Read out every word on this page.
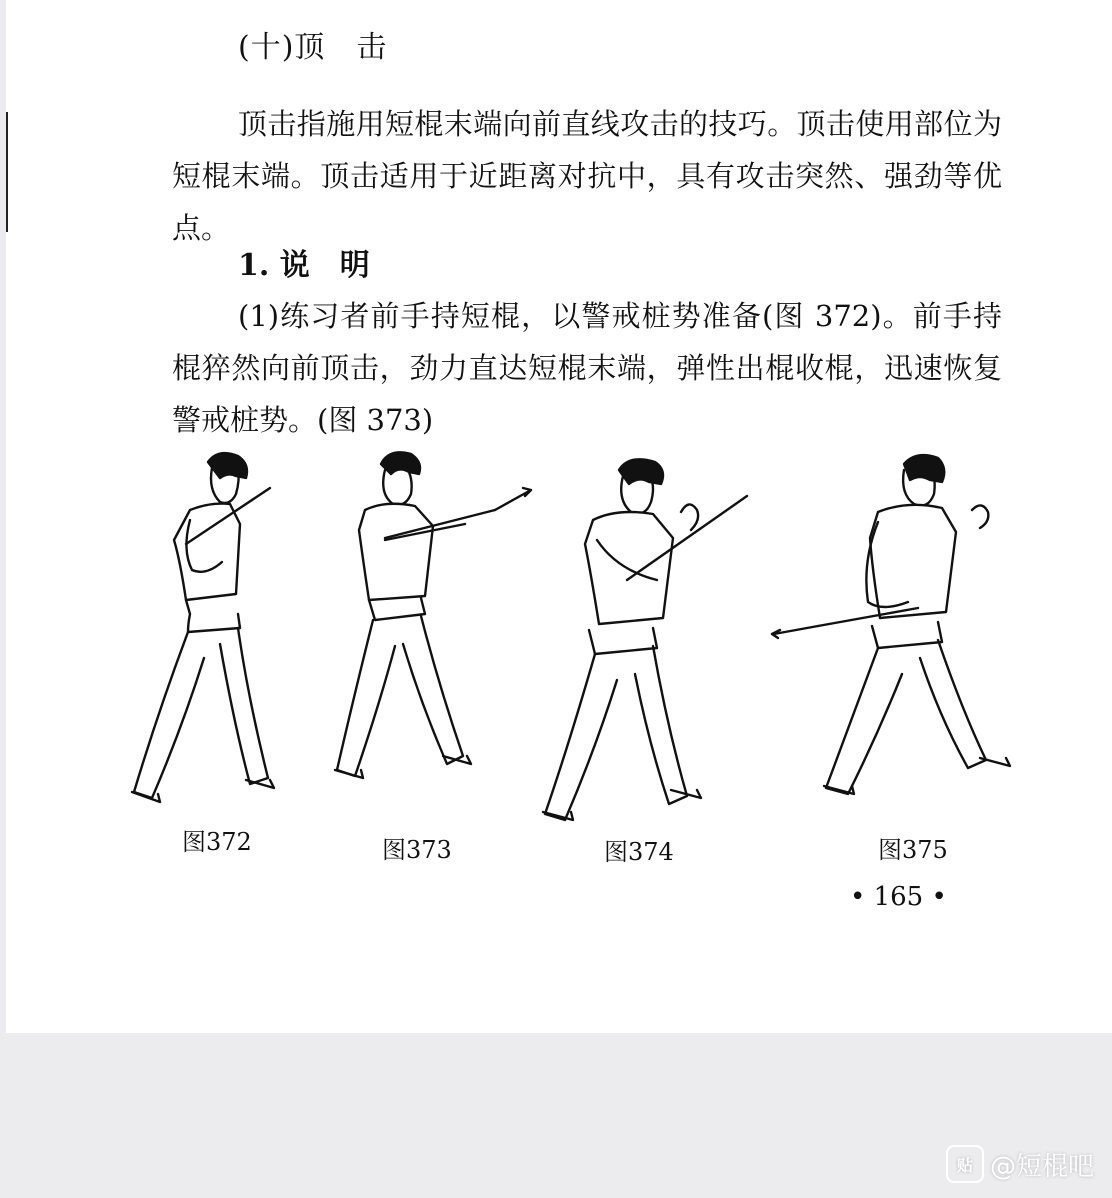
(十)顶　击
顶击指施用短棍末端向前直线攻击的技巧。顶击使用部位为短棍末端。顶击适用于近距离对抗中，具有攻击突然、强劲等优点。
1. 说　明
(1)练习者前手持短棍，以警戒桩势准备(图 372)。前手持棍猝然向前顶击，劲力直达短棍末端，弹性出棍收棍，迅速恢复警戒桩势。(图 373)
图372	图373	图374	图375
• 165 •
贴 @短棍吧
